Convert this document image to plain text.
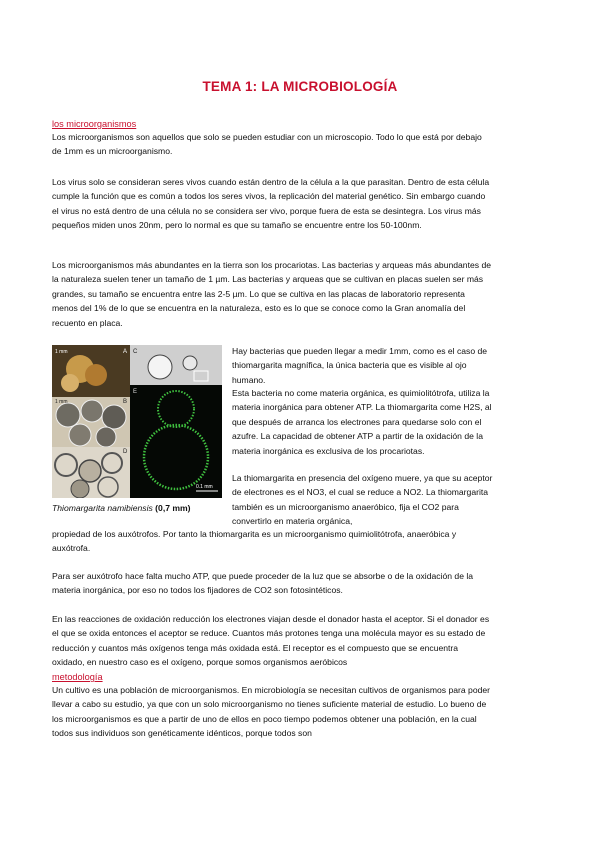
TEMA 1: LA MICROBIOLOGÍA
los microorganismos

Los microorganismos son aquellos que solo se pueden estudiar con un microscopio. Todo lo que está por debajo de 1mm es un microorganismo.

Los virus solo se consideran seres vivos cuando están dentro de la célula a la que parasitan. Dentro de esta célula cumple la función que es común a todos los seres vivos, la replicación del material genético. Sin embargo cuando el virus no está dentro de una célula no se considera ser vivo, porque fuera de esta se desintegra. Los virus más pequeños miden unos 20nm, pero lo normal es que su tamaño se encuentre entre los 50-100nm.

Los microorganismos más abundantes en la tierra son los procariotas. Las bacterias y arqueas más abundantes de la naturaleza suelen tener un tamaño de 1 µm. Las bacterias y arqueas que se cultivan en placas suelen ser más grandes, su tamaño se encuentra entre las 2-5 µm. Lo que se cultiva en las placas de laboratorio representa menos del 1% de lo que se encuentra en la naturaleza, esto es lo que se conoce como la Gran anomalía del recuento en placa.

1 mm
1 mm
A
B
D
C
E
0.1 mm
Thiomargarita namibiensis (0,7 mm)

Hay bacterias que pueden llegar a medir 1mm, como es el caso de thiomargarita magnífica, la única bacteria que es visible al ojo humano.

Esta bacteria no come materia orgánica, es quimiolitótrofa, utiliza la materia inorgánica para obtener ATP. La thiomargarita come H2S, al que después de arranca los electrones para quedarse solo con el azufre. La capacidad de obtener ATP a partir de la oxidación de la materia inorgánica es exclusiva de los procariotas.

La thiomargarita en presencia del oxígeno muere, ya que su aceptor de electrones es el NO3, el cual se reduce a NO2. La thiomargarita también es un microorganismo anaeróbico, fija el CO2 para convertirlo en materia orgánica,

propiedad de los auxótrofos. Por tanto la thiomargarita es un microorganismo quimiolitótrofa, anaeróbica y auxótrofa.

Para ser auxótrofo hace falta mucho ATP, que puede proceder de la luz que se absorbe o de la oxidación de la materia inorgánica, por eso no todos los fijadores de CO2 son fotosintéticos.

En las reacciones de oxidación reducción los electrones viajan desde el donador hasta el aceptor. Si el donador es el que se oxida entonces el aceptor se reduce. Cuantos más protones tenga una molécula mayor es su estado de reducción y cuantos más oxígenos tenga más oxidada está. El receptor es el compuesto que se encuentra oxidado, en nuestro caso es el oxígeno, porque somos organismos aeróbicos

metodología

Un cultivo es una población de microorganismos. En microbiología se necesitan cultivos de organismos para poder llevar a cabo su estudio, ya que con un solo microorganismo no tienes suficiente material de estudio. Lo bueno de los microorganismos es que a partir de uno de ellos en poco tiempo podemos obtener una población, en la cual todos sus individuos son genéticamente idénticos, porque todos son
